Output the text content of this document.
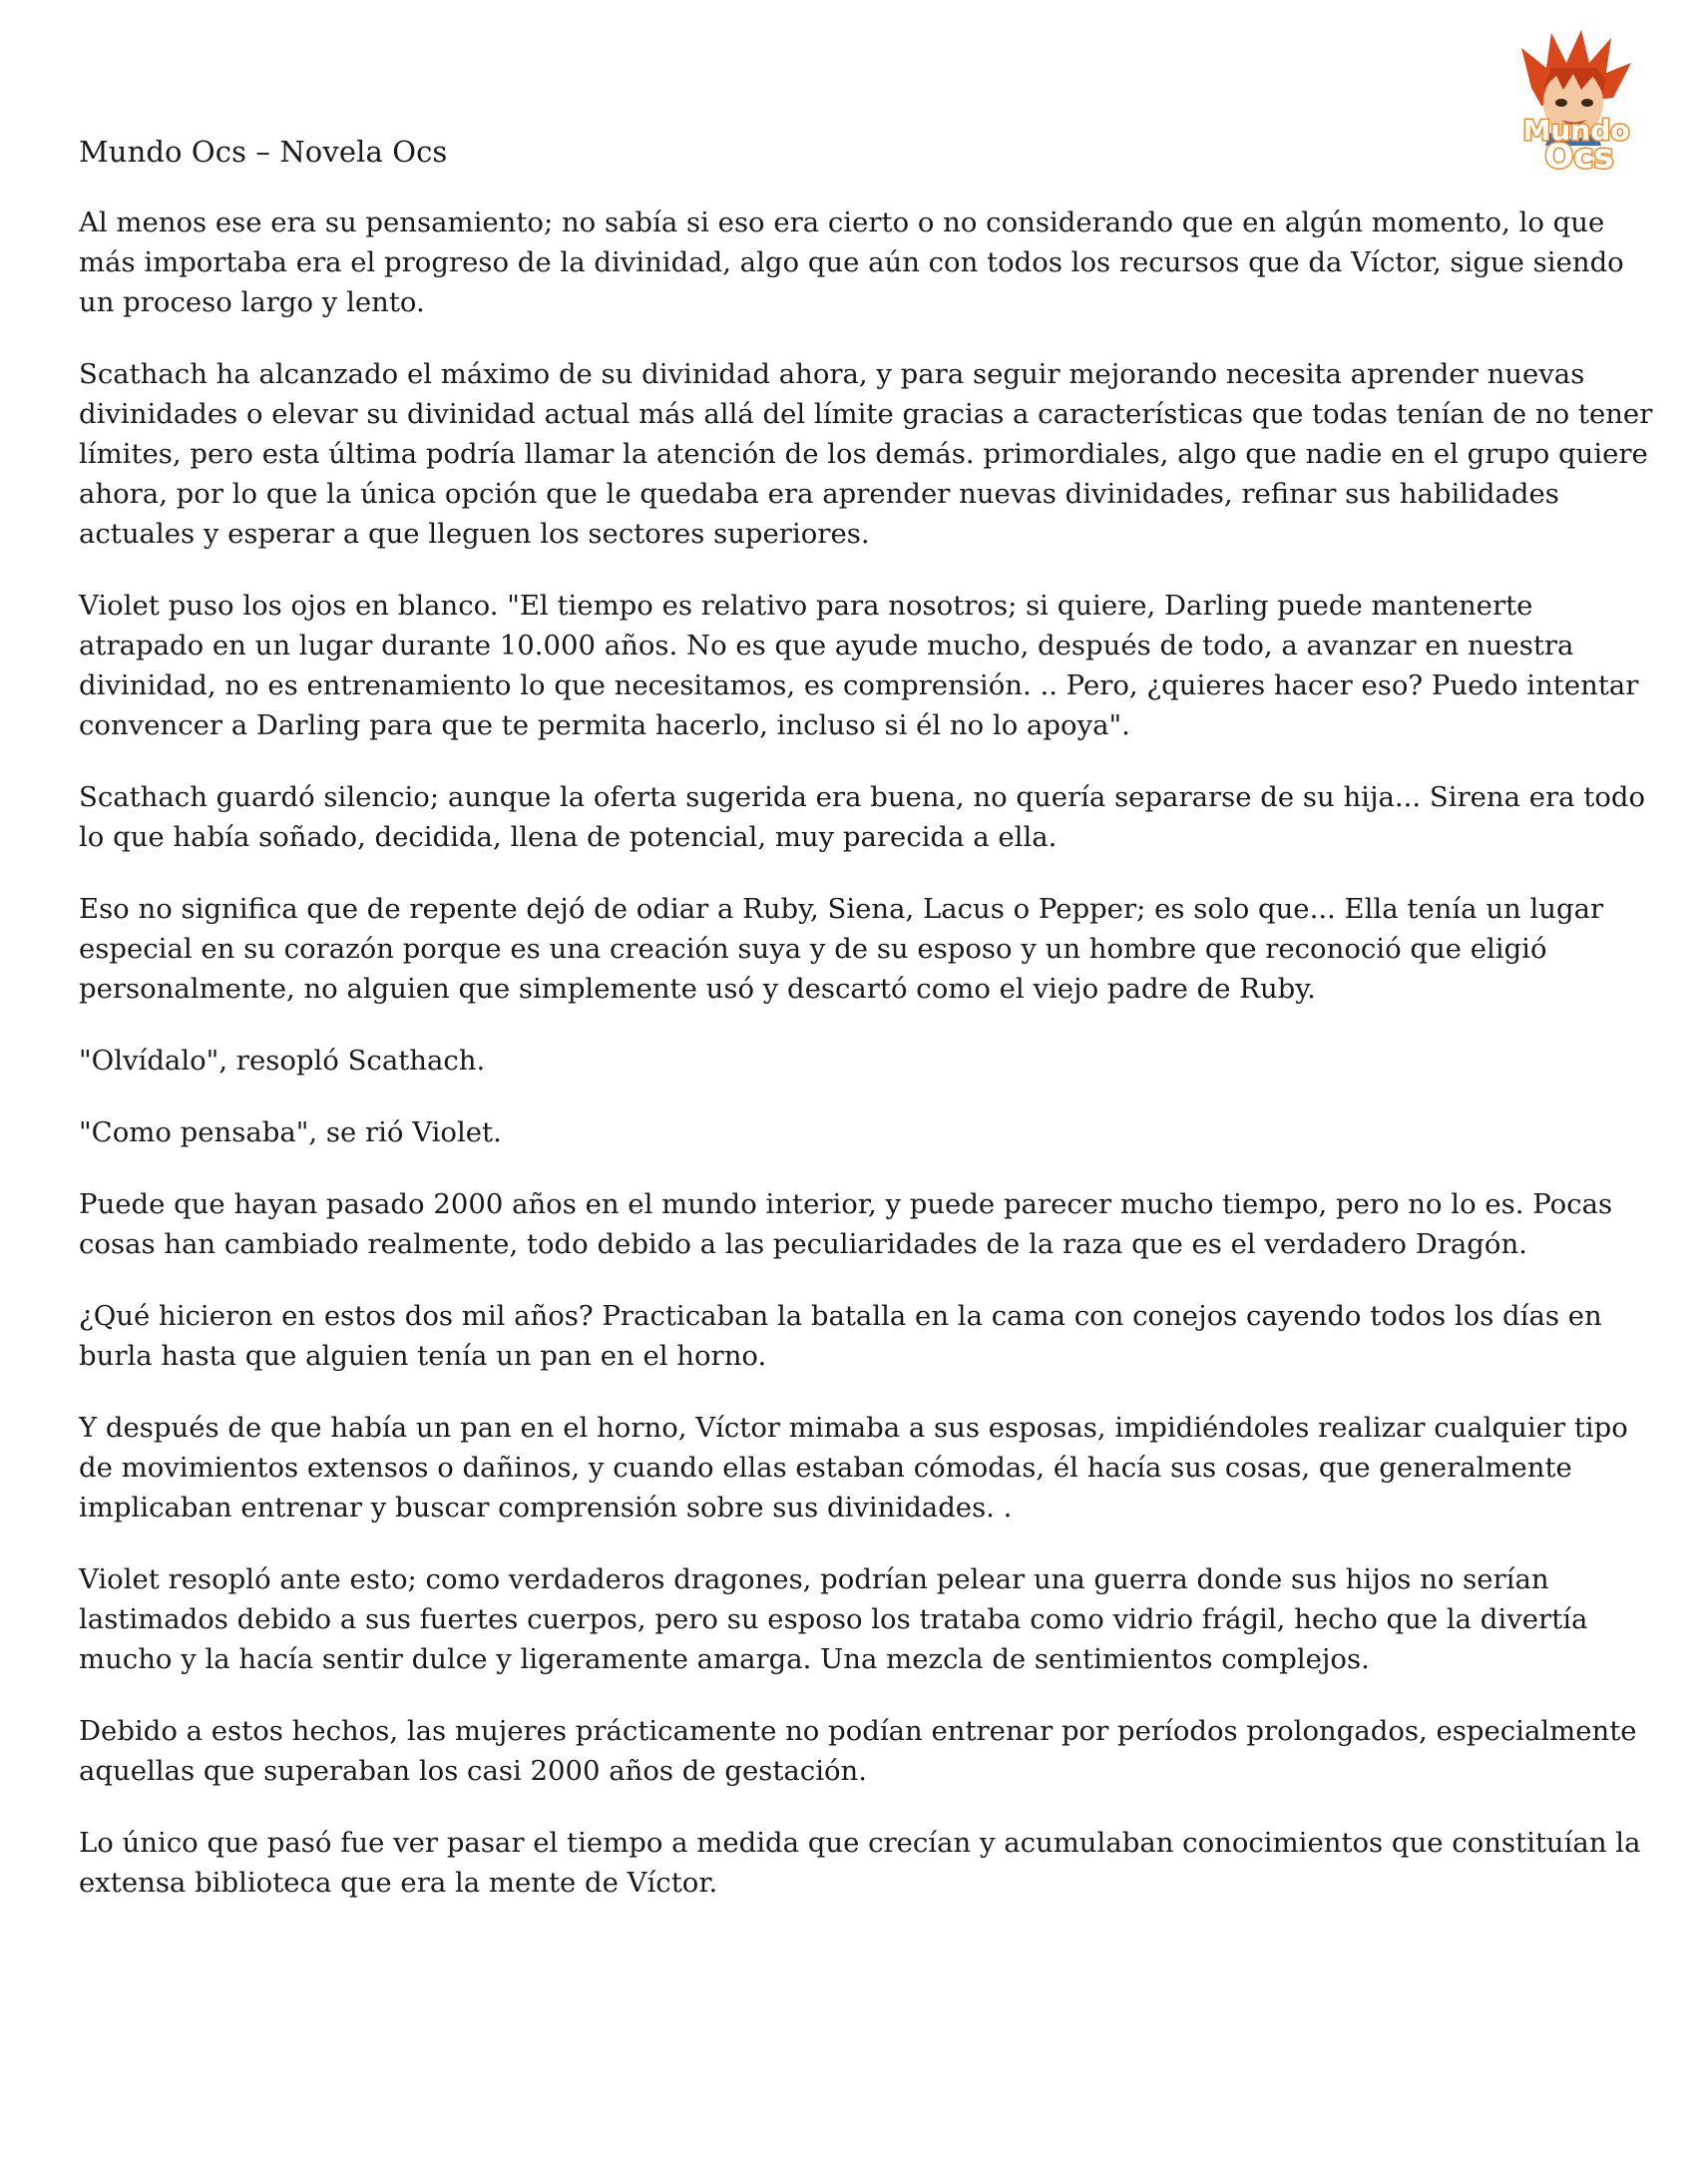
Mundo
Ocs
Mundo Ocs – Novela Ocs

Al menos ese era su pensamiento; no sabía si eso era cierto o no considerando que en algún momento, lo que más importaba era el progreso de la divinidad, algo que aún con todos los recursos que da Víctor, sigue siendo un proceso largo y lento.

Scathach ha alcanzado el máximo de su divinidad ahora, y para seguir mejorando necesita aprender nuevas divinidades o elevar su divinidad actual más allá del límite gracias a características que todas tenían de no tener límites, pero esta última podría llamar la atención de los demás. primordiales, algo que nadie en el grupo quiere ahora, por lo que la única opción que le quedaba era aprender nuevas divinidades, refinar sus habilidades actuales y esperar a que lleguen los sectores superiores.

Violet puso los ojos en blanco. "El tiempo es relativo para nosotros; si quiere, Darling puede mantenerte atrapado en un lugar durante 10.000 años. No es que ayude mucho, después de todo, a avanzar en nuestra divinidad, no es entrenamiento lo que necesitamos, es comprensión. .. Pero, ¿quieres hacer eso? Puedo intentar convencer a Darling para que te permita hacerlo, incluso si él no lo apoya".

Scathach guardó silencio; aunque la oferta sugerida era buena, no quería separarse de su hija... Sirena era todo lo que había soñado, decidida, llena de potencial, muy parecida a ella.

Eso no significa que de repente dejó de odiar a Ruby, Siena, Lacus o Pepper; es solo que... Ella tenía un lugar especial en su corazón porque es una creación suya y de su esposo y un hombre que reconoció que eligió personalmente, no alguien que simplemente usó y descartó como el viejo padre de Ruby.

"Olvídalo", resopló Scathach.

"Como pensaba", se rió Violet.

Puede que hayan pasado 2000 años en el mundo interior, y puede parecer mucho tiempo, pero no lo es. Pocas cosas han cambiado realmente, todo debido a las peculiaridades de la raza que es el verdadero Dragón.

¿Qué hicieron en estos dos mil años? Practicaban la batalla en la cama con conejos cayendo todos los días en burla hasta que alguien tenía un pan en el horno.

Y después de que había un pan en el horno, Víctor mimaba a sus esposas, impidiéndoles realizar cualquier tipo de movimientos extensos o dañinos, y cuando ellas estaban cómodas, él hacía sus cosas, que generalmente implicaban entrenar y buscar comprensión sobre sus divinidades. .

Violet resopló ante esto; como verdaderos dragones, podrían pelear una guerra donde sus hijos no serían lastimados debido a sus fuertes cuerpos, pero su esposo los trataba como vidrio frágil, hecho que la divertía mucho y la hacía sentir dulce y ligeramente amarga. Una mezcla de sentimientos complejos.

Debido a estos hechos, las mujeres prácticamente no podían entrenar por períodos prolongados, especialmente aquellas que superaban los casi 2000 años de gestación.

Lo único que pasó fue ver pasar el tiempo a medida que crecían y acumulaban conocimientos que constituían la extensa biblioteca que era la mente de Víctor.
